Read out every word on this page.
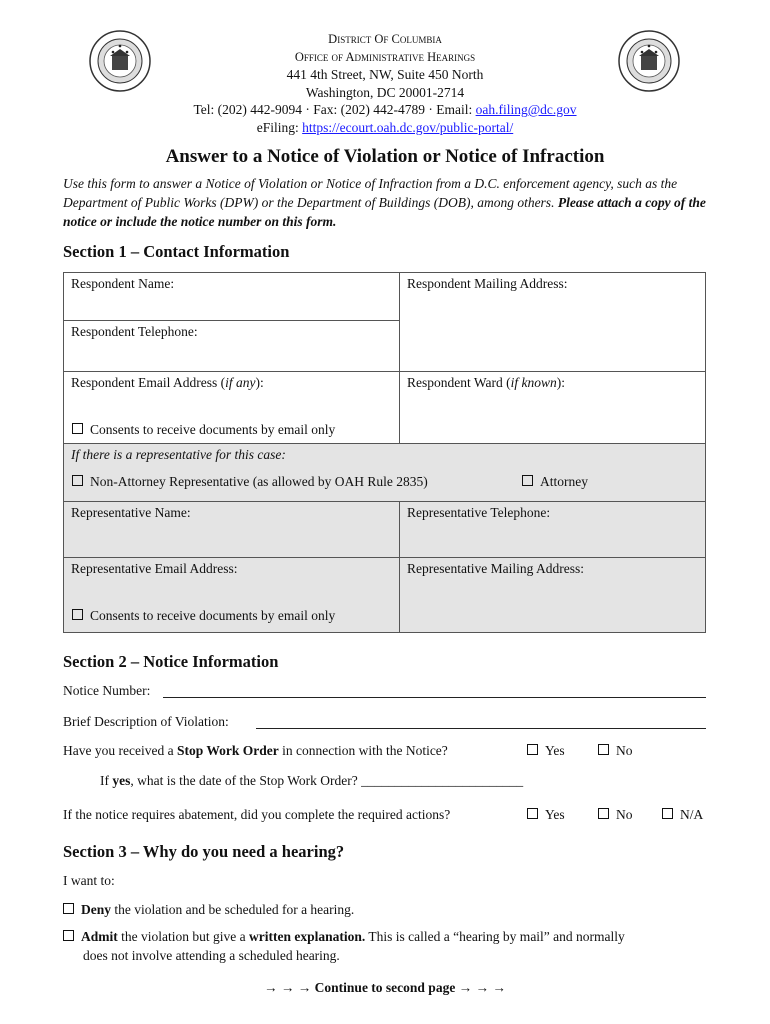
District Of Columbia
Office of Administrative Hearings
441 4th Street, NW, Suite 450 North
Washington, DC 20001-2714
Tel: (202) 442-9094 · Fax: (202) 442-4789 · Email: oah.filing@dc.gov
eFiling: https://ecourt.oah.dc.gov/public-portal/
Answer to a Notice of Violation or Notice of Infraction
Use this form to answer a Notice of Violation or Notice of Infraction from a D.C. enforcement agency, such as the Department of Public Works (DPW) or the Department of Buildings (DOB), among others. Please attach a copy of the notice or include the notice number on this form.
Section 1 – Contact Information
Respondent Name:
Respondent Telephone:
Respondent Mailing Address:
Respondent Email Address (if any):
Consents to receive documents by email only
Respondent Ward (if known):
If there is a representative for this case:
Non-Attorney Representative (as allowed by OAH Rule 2835)	Attorney
Representative Name:	Representative Telephone:
Representative Email Address:
Consents to receive documents by email only
Representative Mailing Address:
Section 2 – Notice Information
Notice Number:
Brief Description of Violation:
Have you received a Stop Work Order in connection with the Notice?	Yes	No
If yes, what is the date of the Stop Work Order? ________________________
If the notice requires abatement, did you complete the required actions?	Yes	No	N/A
Section 3 – Why do you need a hearing?
I want to:
Deny the violation and be scheduled for a hearing.
Admit the violation but give a written explanation. This is called a “hearing by mail” and normally
does not involve attending a scheduled hearing.
→ → → Continue to second page → → →
